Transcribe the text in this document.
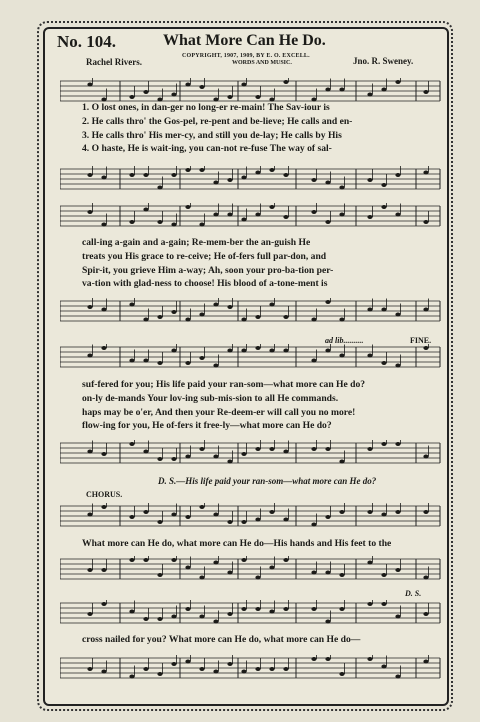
No. 104.	What More Can He Do.
COPYRIGHT, 1907, 1909, BY E. O. EXCELL.
WORDS AND MUSIC.
Rachel Rivers.	Jno. R. Sweney.
1. O lost ones, in dan-ger no long-er re-main! The Sav-iour is
2. He calls thro' the Gos-pel, re-pent and be-lieve; He calls and en-
3. He calls thro' His mer-cy, and still you de-lay; He calls by His
4. O haste, He is wait-ing, you can-not re-fuse The way of sal-
call-ing a-gain and a-gain; Re-mem-ber the an-guish He
treats you His grace to re-ceive; He of-fers full par-don, and
Spir-it, you grieve Him a-way; Ah, soon your pro-ba-tion per-
va-tion with glad-ness to choose! His blood of a-tone-ment is
ad lib..........	FINE.
suf-fered for you; His life paid your ran-som—what more can He do?
on-ly de-mands Your lov-ing sub-mis-sion to all He commands.
haps may be o'er, And then your Re-deem-er will call you no more!
flow-ing for you, He of-fers it free-ly—what more can He do?
D. S.—His life paid your ran-som—what more can He do?
CHORUS.
What more can He do, what more can He do—His hands and His feet to the
D. S.
cross nailed for you? What more can He do, what more can He do—
